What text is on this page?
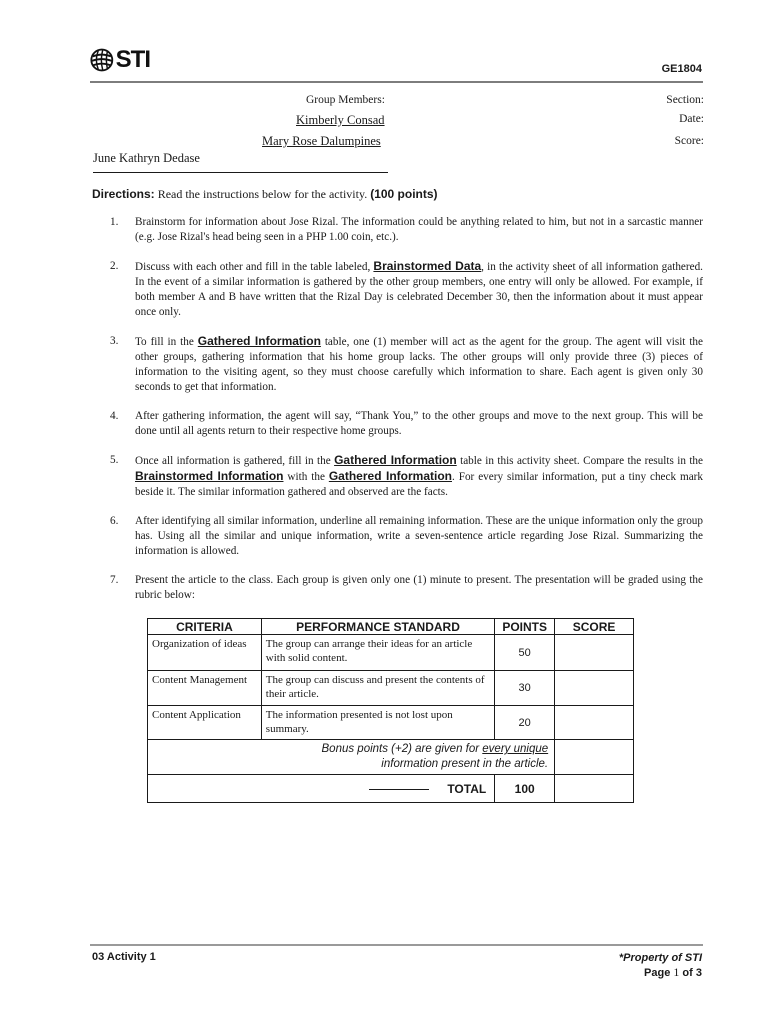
STI	GE1804
Group Members:
Kimberly Consad
Mary Rose Dalumpines
June Kathryn Dedase
Section:
Date:
Score:
Directions: Read the instructions below for the activity. (100 points)
1.	Brainstorm for information about Jose Rizal. The information could be anything related to him, but not in a sarcastic manner (e.g. Jose Rizal's head being seen in a PHP 1.00 coin, etc.).
2.	Discuss with each other and fill in the table labeled, Brainstormed Data, in the activity sheet of all information gathered. In the event of a similar information is gathered by the other group members, one entry will only be allowed. For example, if both member A and B have written that the Rizal Day is celebrated December 30, then the information about it must appear once only.
3.	To fill in the Gathered Information table, one (1) member will act as the agent for the group. The agent will visit the other groups, gathering information that his home group lacks. The other groups will only provide three (3) pieces of information to the visiting agent, so they must choose carefully which information to share. Each agent is given only 30 seconds to get that information.
4.	After gathering information, the agent will say, “Thank You,” to the other groups and move to the next group. This will be done until all agents return to their respective home groups.
5.	Once all information is gathered, fill in the Gathered Information table in this activity sheet. Compare the results in the Brainstormed Information with the Gathered Information. For every similar information, put a tiny check mark beside it. The similar information gathered and observed are the facts.
6.	After identifying all similar information, underline all remaining information. These are the unique information only the group has. Using all the similar and unique information, write a seven-sentence article regarding Jose Rizal. Summarizing the information is allowed.
7.	Present the article to the class. Each group is given only one (1) minute to present. The presentation will be graded using the rubric below:
CRITERIA	PERFORMANCE STANDARD	POINTS	SCORE
Organization of ideas	The group can arrange their ideas for an article with solid content.	50	
Content Management	The group can discuss and present the contents of their article.	30	
Content Application	The information presented is not lost upon summary.	20	
Bonus points (+2) are given for every unique
information present in the article.			
TOTAL		100	
03 Activity 1	*Property of STI
Page 1 of 3
